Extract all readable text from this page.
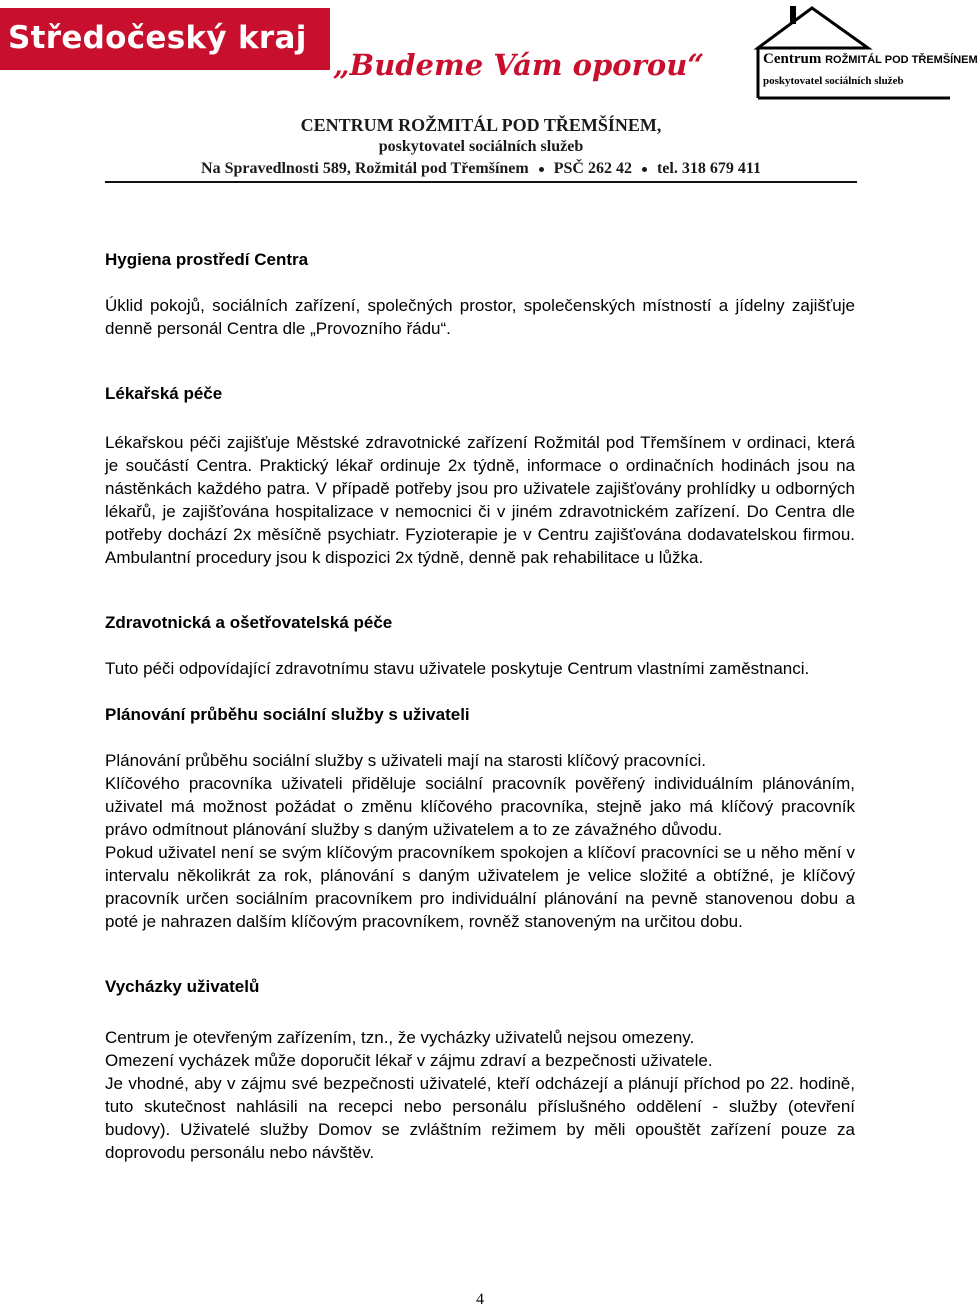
Středočeský kraj
„Budeme Vám oporou“	Centrum ROŽMITÁL POD TŘEMŠÍNEM
poskytovatel sociálních služeb
CENTRUM ROŽMITÁL POD TŘEMŠÍNEM,
poskytovatel sociálních služeb
Na Spravedlnosti 589, Rožmitál pod Třemšínem PSČ 262 42 tel. 318 679 411
Hygiena prostředí Centra

Úklid pokojů, sociálních zařízení, společných prostor, společenských místností a jídelny zajišťuje denně personál Centra dle „Provozního řádu“.

Lékařská péče

Lékařskou péči zajišťuje Městské zdravotnické zařízení Rožmitál pod Třemšínem v ordinaci, která je součástí Centra. Praktický lékař ordinuje 2x týdně, informace o ordinačních hodinách jsou na nástěnkách každého patra. V případě potřeby jsou pro uživatele zajišťovány prohlídky u odborných lékařů, je zajišťována hospitalizace v nemocnici či v jiném zdravotnickém zařízení. Do Centra dle potřeby dochází 2x měsíčně psychiatr. Fyzioterapie je v Centru zajišťována dodavatelskou firmou. Ambulantní procedury jsou k dispozici 2x týdně, denně pak rehabilitace u lůžka.

Zdravotnická a ošetřovatelská péče

Tuto péči odpovídající zdravotnímu stavu uživatele poskytuje Centrum vlastními zaměstnanci.

Plánování průběhu sociální služby s uživateli

Plánování průběhu sociální služby s uživateli mají na starosti klíčový pracovníci.

Klíčového pracovníka uživateli přiděluje sociální pracovník pověřený individuálním plánováním, uživatel má možnost požádat o změnu klíčového pracovníka, stejně jako má klíčový pracovník právo odmítnout plánování služby s daným uživatelem a to ze závažného důvodu.

Pokud uživatel není se svým klíčovým pracovníkem spokojen a klíčoví pracovníci se u něho mění v intervalu několikrát za rok, plánování s daným uživatelem je velice složité a obtížné, je klíčový pracovník určen sociálním pracovníkem pro individuální plánování na pevně stanovenou dobu a poté je nahrazen dalším klíčovým pracovníkem, rovněž stanoveným na určitou dobu.

Vycházky uživatelů

Centrum je otevřeným zařízením, tzn., že vycházky uživatelů nejsou omezeny.

Omezení vycházek může doporučit lékař v zájmu zdraví a bezpečnosti uživatele.

Je vhodné, aby v zájmu své bezpečnosti uživatelé, kteří odcházejí a plánují příchod po 22. hodině, tuto skutečnost nahlásili na recepci nebo personálu příslušného oddělení - služby (otevření budovy). Uživatelé služby Domov se zvláštním režimem by měli opouštět zařízení pouze za doprovodu personálu nebo návštěv.

4
